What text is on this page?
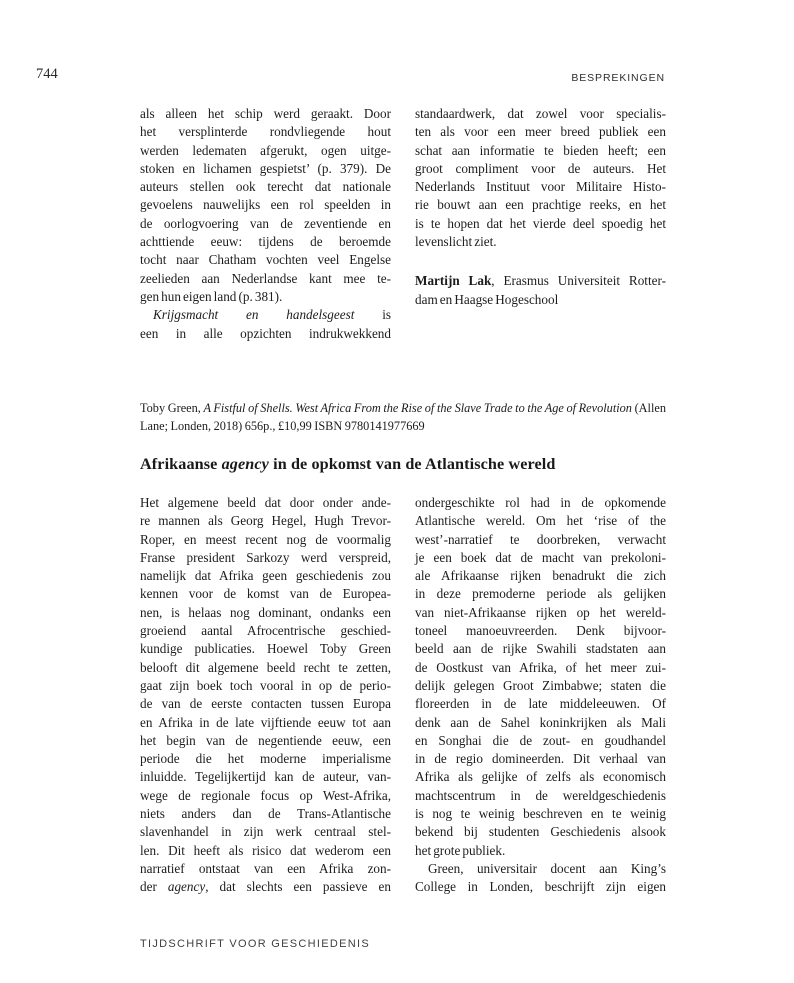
744	BESPREKINGEN
als alleen het schip werd geraakt. Door
het versplinterde rondvliegende hout
werden ledematen afgerukt, ogen uitge-
stoken en lichamen gespietst’ (p. 379). De
auteurs stellen ook terecht dat nationale
gevoelens nauwelijks een rol speelden in
de oorlogvoering van de zeventiende en
achttiende eeuw: tijdens de beroemde
tocht naar Chatham vochten veel Engelse
zeelieden aan Nederlandse kant mee te-
gen hun eigen land (p. 381).
Krijgsmacht en handelsgeest is
een in alle opzichten indrukwekkend
standaardwerk, dat zowel voor specialis-
ten als voor een meer breed publiek een
schat aan informatie te bieden heeft; een
groot compliment voor de auteurs. Het
Nederlands Instituut voor Militaire Histo-
rie bouwt aan een prachtige reeks, en het
is te hopen dat het vierde deel spoedig het
levenslicht ziet.
Martijn Lak, Erasmus Universiteit Rotter-
dam en Haagse Hogeschool
Toby Green, A Fistful of Shells. West Africa From the Rise of the Slave Trade to the Age of Revolution (Allen
Lane; Londen, 2018) 656p., £10,99 ISBN 9780141977669
Afrikaanse agency in de opkomst van de Atlantische wereld
Het algemene beeld dat door onder ande-
re mannen als Georg Hegel, Hugh Trevor-
Roper, en meest recent nog de voormalig
Franse president Sarkozy werd verspreid,
namelijk dat Afrika geen geschiedenis zou
kennen voor de komst van de Europea-
nen, is helaas nog dominant, ondanks een
groeiend aantal Afrocentrische geschied-
kundige publicaties. Hoewel Toby Green
belooft dit algemene beeld recht te zetten,
gaat zijn boek toch vooral in op de perio-
de van de eerste contacten tussen Europa
en Afrika in de late vijftiende eeuw tot aan
het begin van de negentiende eeuw, een
periode die het moderne imperialisme
inluidde. Tegelijkertijd kan de auteur, van-
wege de regionale focus op West-Afrika,
niets anders dan de Trans-Atlantische
slavenhandel in zijn werk centraal stel-
len. Dit heeft als risico dat wederom een
narratief ontstaat van een Afrika zon-
der agency, dat slechts een passieve en
ondergeschikte rol had in de opkomende
Atlantische wereld. Om het ‘rise of the
west’-narratief te doorbreken, verwacht
je een boek dat de macht van prekoloni-
ale Afrikaanse rijken benadrukt die zich
in deze premoderne periode als gelijken
van niet-Afrikaanse rijken op het wereld-
toneel manoeuvreerden. Denk bijvoor-
beeld aan de rijke Swahili stadstaten aan
de Oostkust van Afrika, of het meer zui-
delijk gelegen Groot Zimbabwe; staten die
floreerden in de late middeleeuwen. Of
denk aan de Sahel koninkrijken als Mali
en Songhai die de zout- en goudhandel
in de regio domineerden. Dit verhaal van
Afrika als gelijke of zelfs als economisch
machtscentrum in de wereldgeschiedenis
is nog te weinig beschreven en te weinig
bekend bij studenten Geschiedenis alsook
het grote publiek.
Green, universitair docent aan King’s
College in Londen, beschrijft zijn eigen
TIJDSCHRIFT VOOR GESCHIEDENIS
